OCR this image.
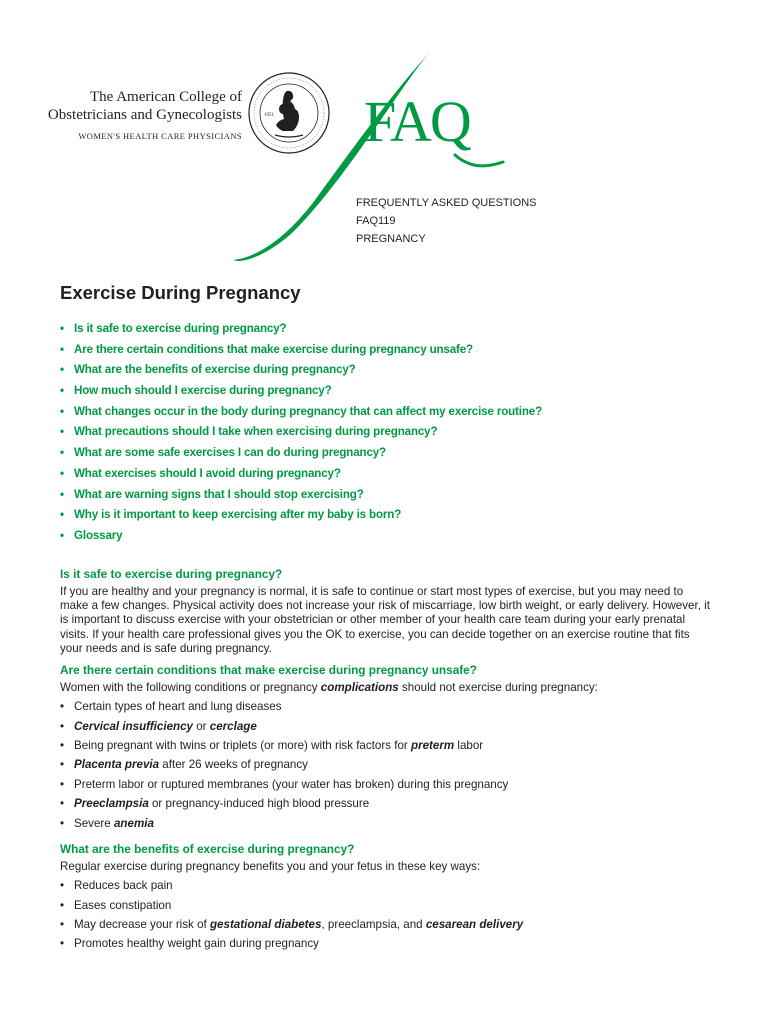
The American College of
Obstetricians and Gynecologists
WOMEN'S HEALTH CARE PHYSICIANS
1951 FAQ
FREQUENTLY ASKED QUESTIONS
FAQ119
PREGNANCY
Exercise During Pregnancy
• Is it safe to exercise during pregnancy?
• Are there certain conditions that make exercise during pregnancy unsafe?
• What are the benefits of exercise during pregnancy?
• How much should I exercise during pregnancy?
• What changes occur in the body during pregnancy that can affect my exercise routine?
• What precautions should I take when exercising during pregnancy?
• What are some safe exercises I can do during pregnancy?
• What exercises should I avoid during pregnancy?
• What are warning signs that I should stop exercising?
• Why is it important to keep exercising after my baby is born?
• Glossary
Is it safe to exercise during pregnancy?

If you are healthy and your pregnancy is normal, it is safe to continue or start most types of exercise, but you may need to make a few changes. Physical activity does not increase your risk of miscarriage, low birth weight, or early delivery. However, it is important to discuss exercise with your obstetrician or other member of your health care team during your early prenatal visits. If your health care professional gives you the OK to exercise, you can decide together on an exercise routine that fits your needs and is safe during pregnancy.

Are there certain conditions that make exercise during pregnancy unsafe?

Women with the following conditions or pregnancy complications should not exercise during pregnancy:

• Certain types of heart and lung diseases
• Cervical insufficiency or cerclage
• Being pregnant with twins or triplets (or more) with risk factors for preterm labor
• Placenta previa after 26 weeks of pregnancy
• Preterm labor or ruptured membranes (your water has broken) during this pregnancy
• Preeclampsia or pregnancy-induced high blood pressure
• Severe anemia
What are the benefits of exercise during pregnancy?

Regular exercise during pregnancy benefits you and your fetus in these key ways:

• Reduces back pain
• Eases constipation
• May decrease your risk of gestational diabetes, preeclampsia, and cesarean delivery
• Promotes healthy weight gain during pregnancy
